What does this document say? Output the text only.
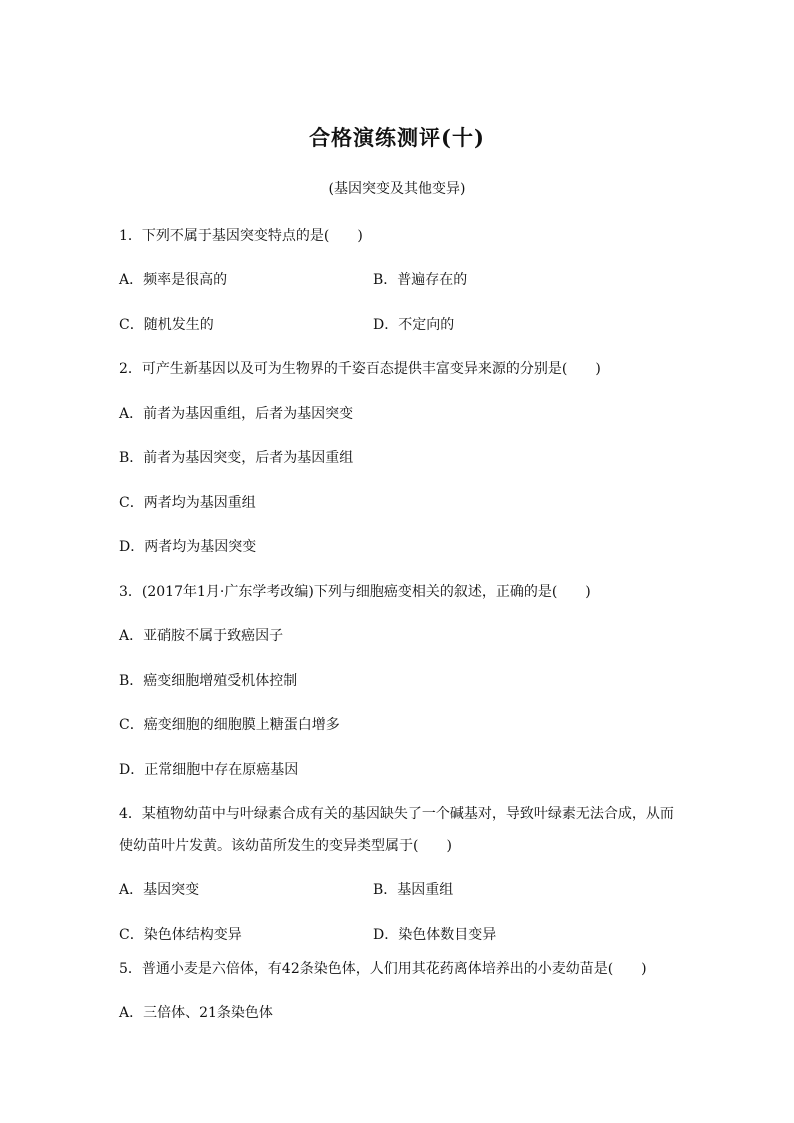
合格演练测评(十)
(基因突变及其他变异)
1．下列不属于基因突变特点的是(　　)
A．频率是很高的	B．普遍存在的
C．随机发生的	D．不定向的
2．可产生新基因以及可为生物界的千姿百态提供丰富变异来源的分别是(　　)
A．前者为基因重组，后者为基因突变
B．前者为基因突变，后者为基因重组
C．两者均为基因重组
D．两者均为基因突变
3．(2017年1月·广东学考改编)下列与细胞癌变相关的叙述，正确的是(　　)
A．亚硝胺不属于致癌因子
B．癌变细胞增殖受机体控制
C．癌变细胞的细胞膜上糖蛋白增多
D．正常细胞中存在原癌基因
4．某植物幼苗中与叶绿素合成有关的基因缺失了一个碱基对，导致叶绿素无法合成，从而
使幼苗叶片发黄。该幼苗所发生的变异类型属于(　　)
A．基因突变	B．基因重组
C．染色体结构变异	D．染色体数目变异
5．普通小麦是六倍体，有42条染色体，人们用其花药离体培养出的小麦幼苗是(　　)
A．三倍体、21条染色体
